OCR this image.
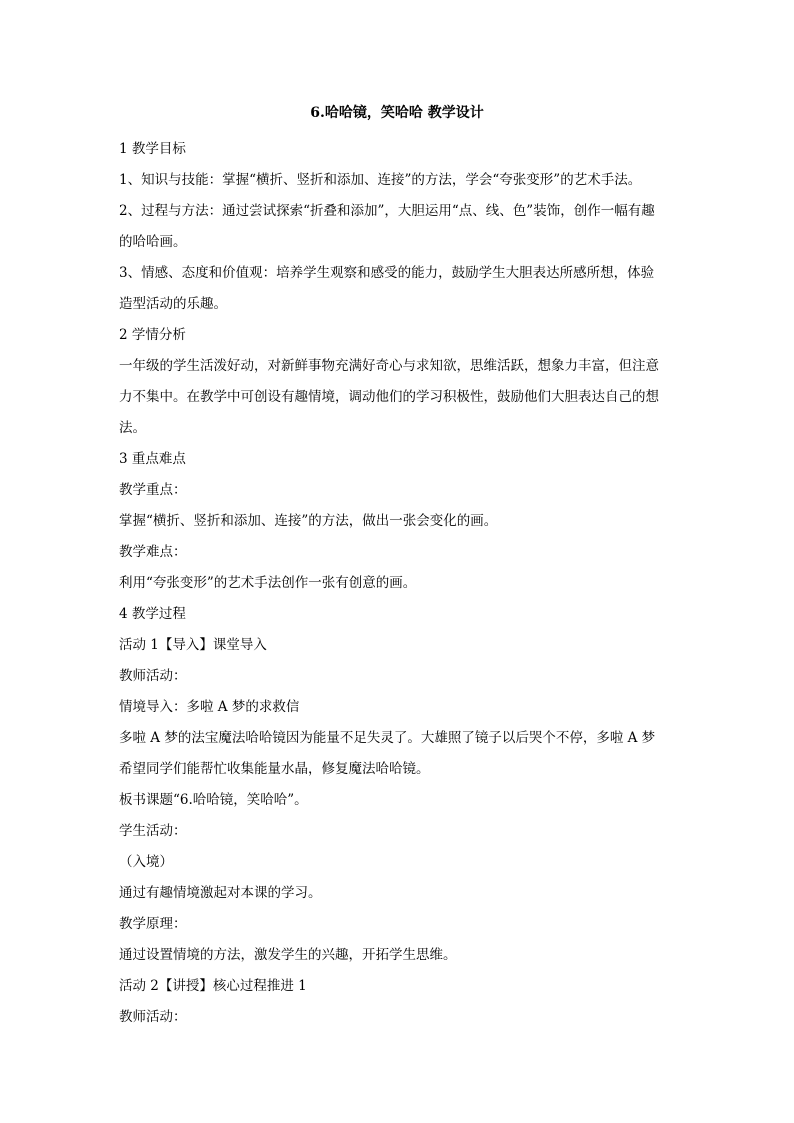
6.哈哈镜，笑哈哈 教学设计
1 教学目标
1、知识与技能：掌握“横折、竖折和添加、连接”的方法，学会“夸张变形”的艺术手法。
2、过程与方法：通过尝试探索“折叠和添加”，大胆运用“点、线、色”装饰，创作一幅有趣
的哈哈画。
3、情感、态度和价值观：培养学生观察和感受的能力，鼓励学生大胆表达所感所想，体验
造型活动的乐趣。
2 学情分析
一年级的学生活泼好动，对新鲜事物充满好奇心与求知欲，思维活跃，想象力丰富，但注意
力不集中。在教学中可创设有趣情境，调动他们的学习积极性，鼓励他们大胆表达自己的想
法。
3 重点难点
教学重点：
掌握“横折、竖折和添加、连接”的方法，做出一张会变化的画。
教学难点：
利用“夸张变形”的艺术手法创作一张有创意的画。
4 教学过程
活动 1【导入】课堂导入
教师活动：
情境导入：多啦 A 梦的求救信
多啦 A 梦的法宝魔法哈哈镜因为能量不足失灵了。大雄照了镜子以后哭个不停，多啦 A 梦
希望同学们能帮忙收集能量水晶，修复魔法哈哈镜。
板书课题“6.哈哈镜，笑哈哈”。
学生活动：
（入境）
通过有趣情境激起对本课的学习。
教学原理：
通过设置情境的方法，激发学生的兴趣，开拓学生思维。
活动 2【讲授】核心过程推进 1
教师活动：
